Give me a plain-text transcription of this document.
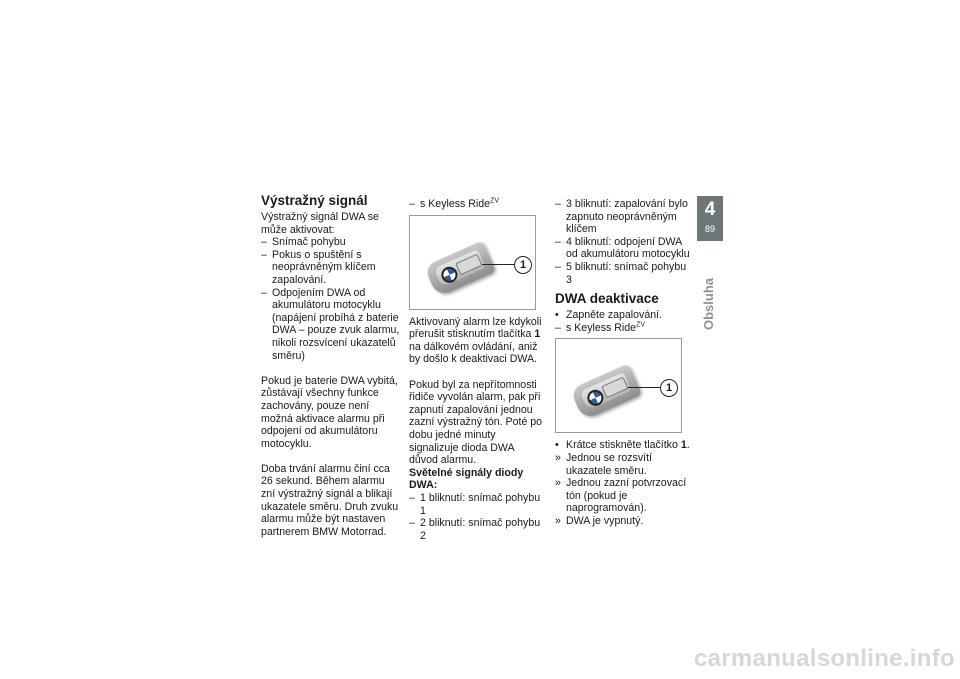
Výstražný signál

Výstražný signál DWA se může aktivovat:

– Snímač pohybu
– Pokus o spuštění s neoprávněným klíčem zapalování.
– Odpojením DWA od akumulátoru motocyklu (napájení probíhá z baterie DWA – pouze zvuk alarmu, nikoli rozsvícení ukazatelů směru)

Pokud je baterie DWA vybitá, zůstávají všechny funkce zachovány, pouze není možná aktivace alarmu při odpojení od akumulátoru motocyklu.

Doba trvání alarmu činí cca 26 sekund. Během alarmu zní výstražný signál a blikají ukazatele směru. Druh zvuku alarmu může být nastaven partnerem BMW Motorrad.

– s Keyless Ride$^{ZV}$
1

Aktivovaný alarm lze kdykoli přerušit stisknutím tlačítka 1 na dálkovém ovládání, aniž by došlo k deaktivaci DWA.

Pokud byl za nepřítomnosti řidiče vyvolán alarm, pak při zapnutí zapalování jednou zazní výstražný tón. Poté po dobu jedné minuty signalizuje dioda DWA důvod alarmu.

Světelné signály diody DWA:
– 1 bliknutí: snímač pohybu 1
– 2 bliknutí: snímač pohybu 2
– 3 bliknutí: zapalování bylo zapnuto neoprávněným klíčem
– 4 bliknutí: odpojení DWA od akumulátoru motocyklu
– 5 bliknutí: snímač pohybu 3
DWA deaktivace
• Zapněte zapalování.
– s Keyless Ride$^{ZV}$
1
• Krátce stiskněte tlačítko 1.
» Jednou se rozsvítí ukazatele směru.
» Jednou zazní potvrzovací tón (pokud je naprogramován).
» DWA je vypnutý.
4
89
Obsluha
carmanualsonline.info
